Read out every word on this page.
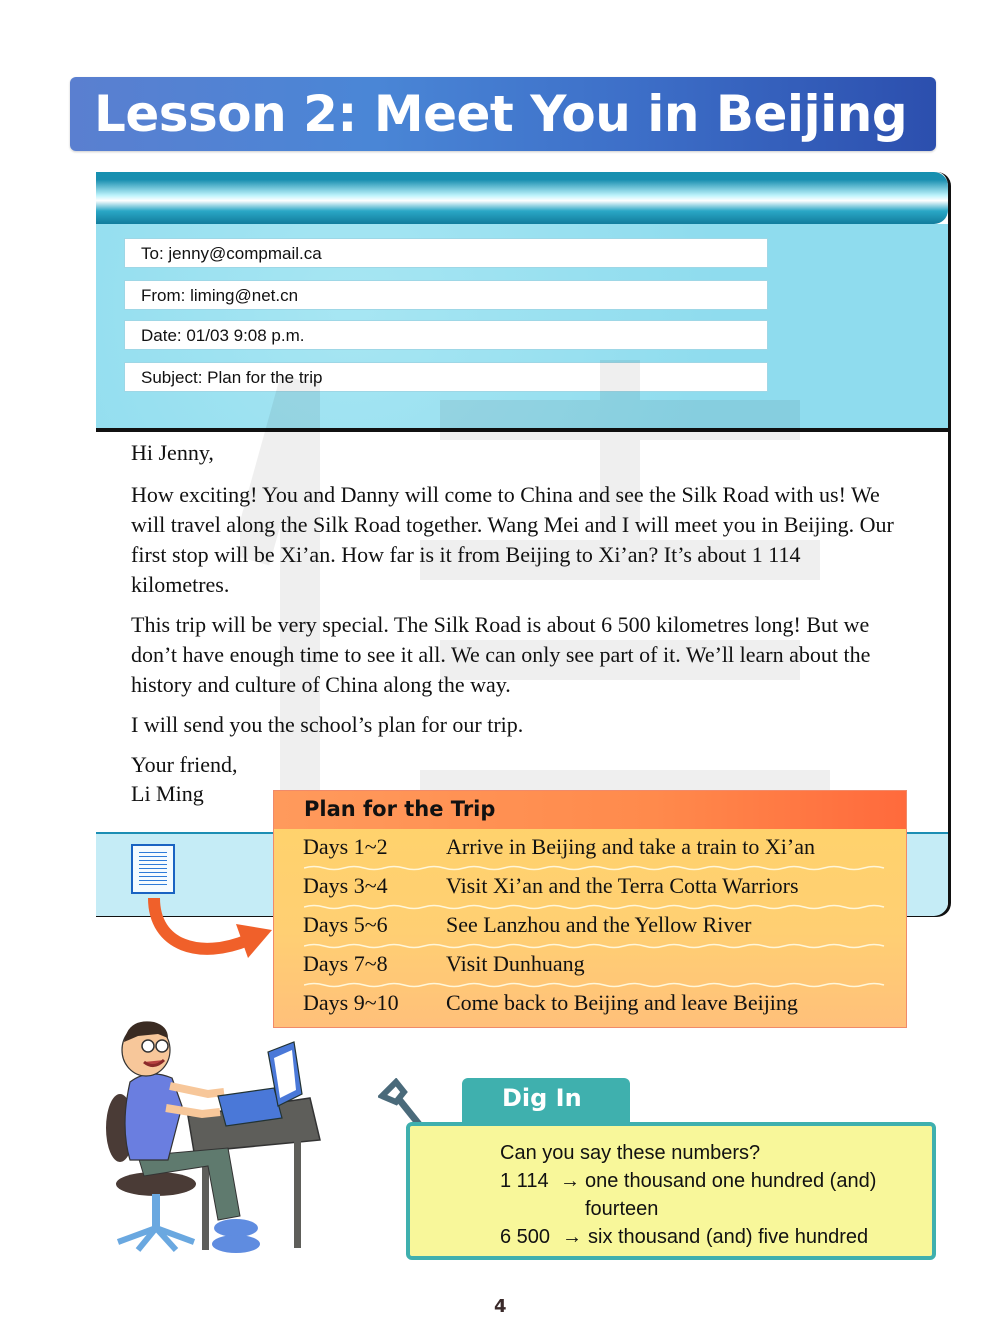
Lesson 2: Meet You in Beijing
To: jenny@compmail.ca
From: liming@net.cn
Date: 01/03 9:08 p.m.
Subject: Plan for the trip

Hi Jenny,

How exciting! You and Danny will come to China and see the Silk Road with us! We will travel along the Silk Road together. Wang Mei and I will meet you in Beijing. Our first stop will be Xi’an. How far is it from Beijing to Xi’an? It’s about 1 114 kilometres.

This trip will be very special. The Silk Road is about 6 500 kilometres long! But we don’t have enough time to see it all. We can only see part of it. We’ll learn about the history and culture of China along the way.

I will send you the school’s plan for our trip.

Your friend,
Li Ming
Plan for the Trip
Days 1~2	Arrive in Beijing and take a train to Xi’an
Days 3~4	Visit Xi’an and the Terra Cotta Warriors
Days 5~6	See Lanzhou and the Yellow River
Days 7~8	Visit Dunhuang
Days 9~10 Come back to Beijing and leave Beijing
Dig In
Can you say these numbers?
1 114 → one thousand one hundred (and)
fourteen
6 500 → six thousand (and) five hundred
4
